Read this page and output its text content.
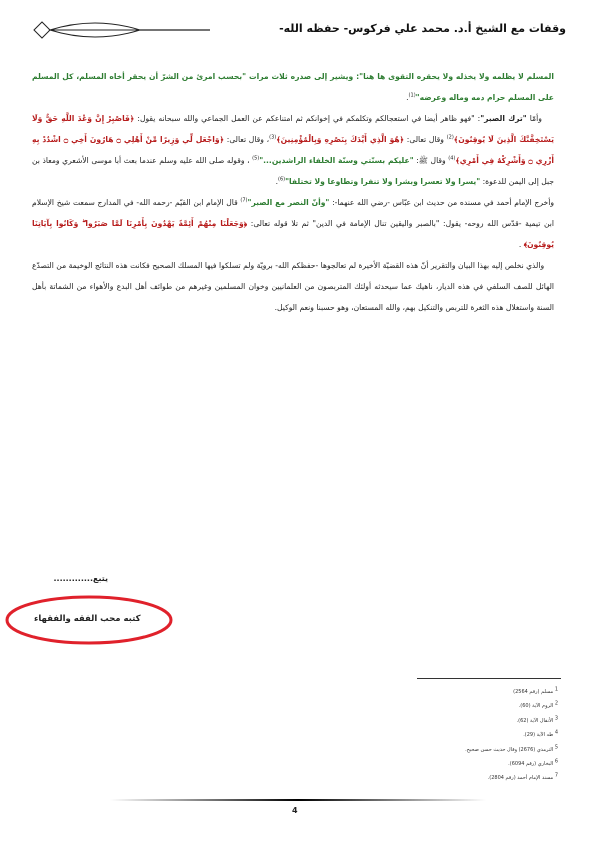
وقفات مع الشيخ أ.د. محمد علي فركوس- حفظه الله-

المسلم لا يظلمه ولا يخذله ولا يحقره التقوى ها هنا": ويشير إلى صدره ثلاث مرات "بحسب امرئ من الشرّ أن يحقر أخاه المسلم، كل المسلم على المسلم حرام دمه وماله وعرضه"$^{(1)}$.

وأمّا "ترك الصبر": "فهو ظاهر أيضا في استعجالكم وتكلمكم في إخوانكم ثم امتناعكم عن العمل الجماعي والله سبحانه يقول: ﴿فَاصْبِرْ إِنَّ وَعْدَ اللَّهِ حَقٌّ وَلَا يَسْتَخِفَّنَّكَ الَّذِينَ لَا يُوقِنُونَ﴾$^{(2)}$ وقال تعالى: ﴿هُوَ الَّذِي أَيَّدَكَ بِنَصْرِهِ وَبِالْمُؤْمِنِينَ﴾$^{(3)}$، وقال تعالى: ﴿وَاجْعَل لِّي وَزِيرًا مِّنْ أَهْلِي ۝ هَارُونَ أَخِي ۝ اشْدُدْ بِهِ أَزْرِي ۝ وَأَشْرِكْهُ فِي أَمْرِي﴾$^{(4)}$ وقال ﷺ: "عليكم بسنّتي وسنّة الخلفاء الراشدين..."$^{(5)}$ ، وقوله صلى الله عليه وسلم عندما بعث أبا موسى الأشعري ومعاذ بن جبل إلى اليمن للدعوة: "يسرا ولا تعسرا وبشرا ولا تنفرا وتطاوعا ولا تختلفا"$^{(6)}$.

وأخرج الإمام أحمد في مسنده من حديث ابن عبّاس -رضي الله عنهما-: "وأنّ النصر مع الصبر"$^{(7)}$ قال الإمام ابن القيّم -رحمه الله- في المدارج سمعت شيخ الإسلام ابن تيمية -قدّس الله روحه- يقول: "بالصبر واليقين تنال الإمامة في الدين" ثم تلا قوله تعالى: ﴿وَجَعَلْنَا مِنْهُمْ أَئِمَّةً يَهْدُونَ بِأَمْرِنَا لَمَّا صَبَرُوا ۖ وَكَانُوا بِآيَاتِنَا يُوقِنُونَ﴾ .

والذي نخلص إليه بهذا البيان والتقرير أنّ هذه القضيّة الأخيرة لم تعالجوها -حفظكم الله- برويّة ولم تسلكوا فيها المسلك الصحيح فكانت هذه النتائج الوخيمة من التصدّع الهائل للصف السلفي في هذه الديار، ناهيك عما سيحدثه أولئك المتربصون من العلمانيين وخوان المسلمين وغيرهم من طوائف أهل البدع والأهواء من الشماتة بأهل السنة واستغلال هذه الثغرة للتربص والتنكيل بهم، والله المستعان، وهو حسبنا ونعم الوكيل.

يتبع.............
كتبه محب الفقه والفقهاء
$^1$ مسلم (رقم 2564)
$^2$ الروم الآية (60).
$^3$ الأنفال الآية (62).
$^4$ طه الآية (29).
$^5$ الترمذي (2676) وقال حديث حسن صحيح.
$^6$ البخاري (رقم 6094).
$^7$ مسند الإمام أحمد (رقم 2804).
4
